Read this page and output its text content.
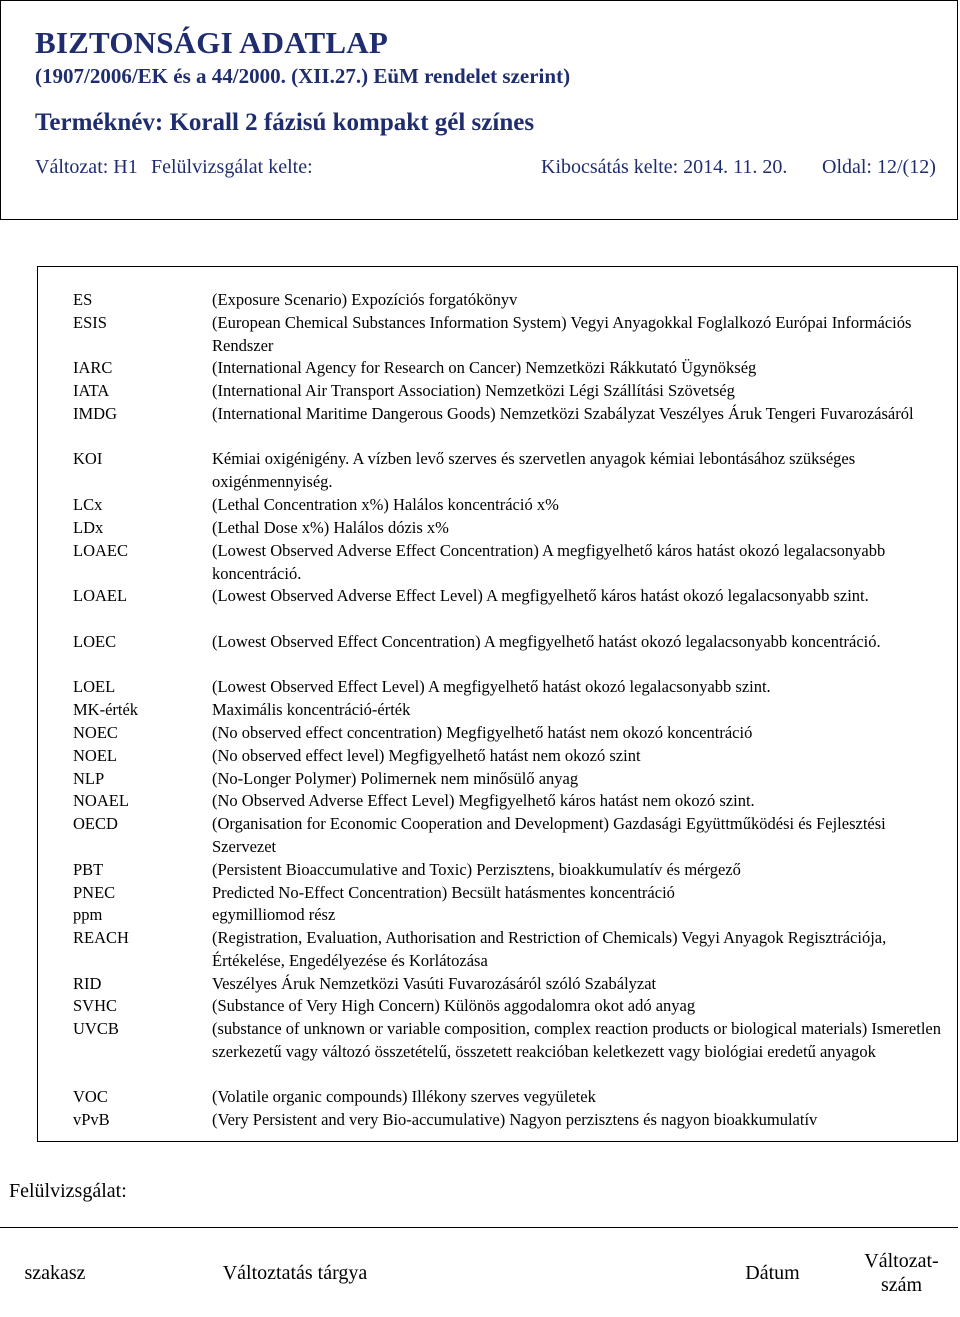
BIZTONSÁGI ADATLAP
(1907/2006/EK és a 44/2000. (XII.27.) EüM rendelet szerint)
Terméknév: Korall 2 fázisú kompakt gél színes
Változat: H1 Felülvizsgálat kelte:	Kibocsátás kelte: 2014. 11. 20. Oldal: 12/(12)
ES	(Exposure Scenario) Expozíciós forgatókönyv
ESIS	(European Chemical Substances Information System) Vegyi Anyagokkal Foglalkozó Európai Információs Rendszer
IARC	(International Agency for Research on Cancer) Nemzetközi Rákkutató Ügynökség
IATA	(International Air Transport Association) Nemzetközi Légi Szállítási Szövetség
IMDG	(International Maritime Dangerous Goods) Nemzetközi Szabályzat Veszélyes Áruk Tengeri Fuvarozásáról
KOI	Kémiai oxigénigény. A vízben levő szerves és szervetlen anyagok kémiai lebontásához szükséges oxigénmennyiség.
LCx	(Lethal Concentration x%) Halálos koncentráció x%
LDx	(Lethal Dose x%) Halálos dózis x%
LOAEC	(Lowest Observed Adverse Effect Concentration) A megfigyelhető káros hatást okozó legalacsonyabb koncentráció.
LOAEL	(Lowest Observed Adverse Effect Level) A megfigyelhető káros hatást okozó legalacsonyabb szint.
LOEC	(Lowest Observed Effect Concentration) A megfigyelhető hatást okozó legalacsonyabb koncentráció.
LOEL	(Lowest Observed Effect Level) A megfigyelhető hatást okozó legalacsonyabb szint.
MK-érték	Maximális koncentráció-érték
NOEC	(No observed effect concentration) Megfigyelhető hatást nem okozó koncentráció
NOEL	(No observed effect level) Megfigyelhető hatást nem okozó szint
NLP	(No-Longer Polymer) Polimernek nem minősülő anyag
NOAEL	(No Observed Adverse Effect Level) Megfigyelhető káros hatást nem okozó szint.
OECD	(Organisation for Economic Cooperation and Development) Gazdasági Együttműködési és Fejlesztési Szervezet
PBT	(Persistent Bioaccumulative and Toxic) Perzisztens, bioakkumulatív és mérgező
PNEC	Predicted No-Effect Concentration) Becsült hatásmentes koncentráció
ppm	egymilliomod rész
REACH	(Registration, Evaluation, Authorisation and Restriction of Chemicals) Vegyi Anyagok Regisztrációja, Értékelése, Engedélyezése és Korlátozása
RID	Veszélyes Áruk Nemzetközi Vasúti Fuvarozásáról szóló Szabályzat
SVHC	(Substance of Very High Concern) Különös aggodalomra okot adó anyag
UVCB	(substance of unknown or variable composition, complex reaction products or biological materials) Ismeretlen szerkezetű vagy változó összetételű, összetett reakcióban keletkezett vagy biológiai eredetű anyagok
VOC	(Volatile organic compounds) Illékony szerves vegyületek
vPvB	(Very Persistent and very Bio-accumulative) Nagyon perzisztens és nagyon bioakkumulatív
Felülvizsgálat:
szakasz	Változtatás tárgya	Dátum
Változat-szám
